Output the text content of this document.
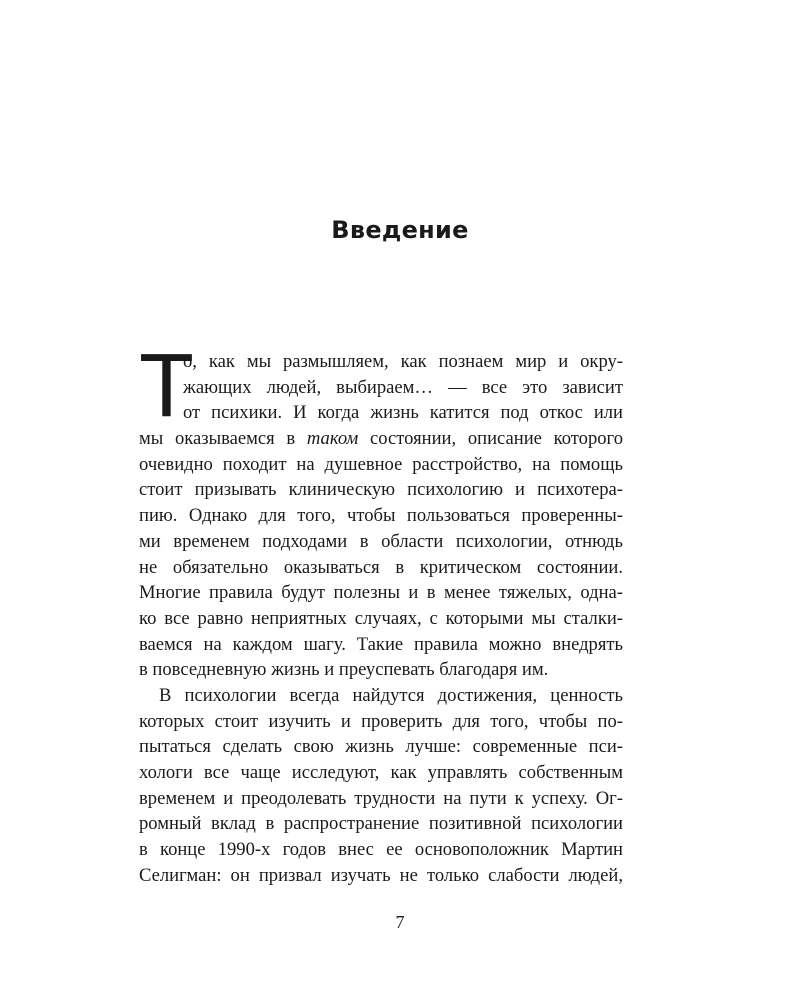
Введение
Т
о, как мы размышляем, как познаем мир и окру-
жающих людей, выбираем… — все это зависит
от психики. И когда жизнь катится под откос или
мы оказываемся в таком состоянии, описание которого
очевидно походит на душевное расстройство, на помощь
стоит призывать клиническую психологию и психотера-
пию. Однако для того, чтобы пользоваться проверенны-
ми временем подходами в области психологии, отнюдь
не обязательно оказываться в критическом состоянии.
Многие правила будут полезны и в менее тяжелых, одна-
ко все равно неприятных случаях, с которыми мы сталки-
ваемся на каждом шагу. Такие правила можно внедрять
в повседневную жизнь и преуспевать благодаря им.
В психологии всегда найдутся достижения, ценность
которых стоит изучить и проверить для того, чтобы по-
пытаться сделать свою жизнь лучше: современные пси-
хологи все чаще исследуют, как управлять собственным
временем и преодолевать трудности на пути к успеху. Ог-
ромный вклад в распространение позитивной психологии
в конце 1990-х годов внес ее основоположник Мартин
Селигман: он призвал изучать не только слабости людей,
7
